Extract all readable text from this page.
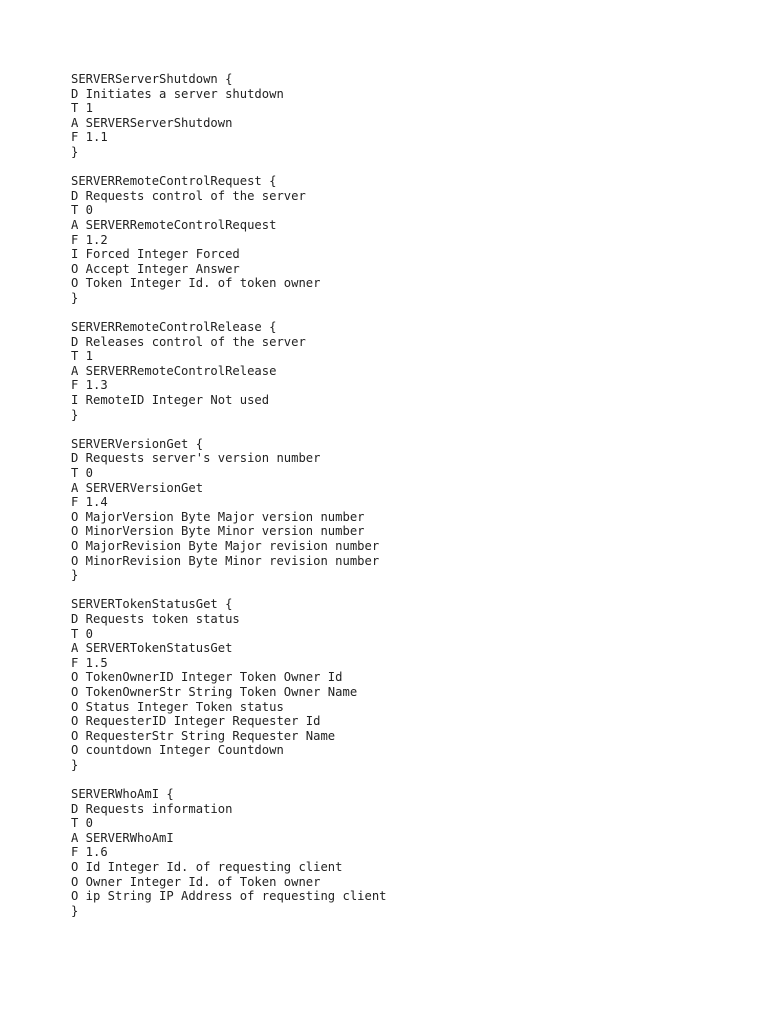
SERVERServerShutdown {
D Initiates a server shutdown
T 1
A SERVERServerShutdown
F 1.1
}
SERVERRemoteControlRequest {
D Requests control of the server
T 0
A SERVERRemoteControlRequest
F 1.2
I Forced Integer Forced
O Accept Integer Answer
O Token Integer Id. of token owner
}
SERVERRemoteControlRelease {
D Releases control of the server
T 1
A SERVERRemoteControlRelease
F 1.3
I RemoteID Integer Not used
}
SERVERVersionGet {
D Requests server's version number
T 0
A SERVERVersionGet
F 1.4
O MajorVersion Byte Major version number
O MinorVersion Byte Minor version number
O MajorRevision Byte Major revision number
O MinorRevision Byte Minor revision number
}
SERVERTokenStatusGet {
D Requests token status
T 0
A SERVERTokenStatusGet
F 1.5
O TokenOwnerID Integer Token Owner Id
O TokenOwnerStr String Token Owner Name
O Status Integer Token status
O RequesterID Integer Requester Id
O RequesterStr String Requester Name
O countdown Integer Countdown
}
SERVERWhoAmI {
D Requests information
T 0
A SERVERWhoAmI
F 1.6
O Id Integer Id. of requesting client
O Owner Integer Id. of Token owner
O ip String IP Address of requesting client
}
